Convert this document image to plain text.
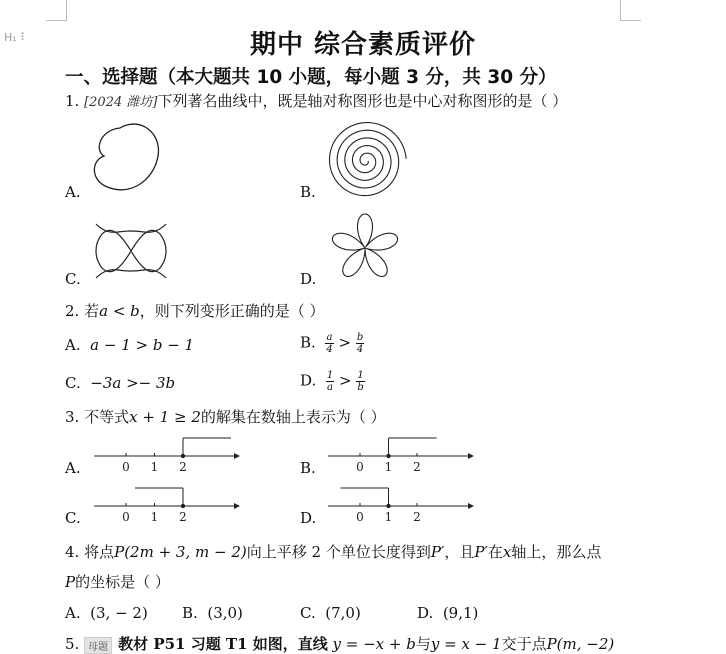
H₁ ⠇	期中 综合素质评价
一、选择题（本大题共 10 小题，每小题 3 分，共 30 分）
1. [2024 潍坊]下列著名曲线中，既是轴对称图形也是中心对称图形的是（ ）
A.	B.
C.	D.
2. 若a < b，则下列变形正确的是（ ）
A. a − 1 > b − 1	B. $\frac{a}{4} > \frac{b}{4}$
C. −3a >− 3b	D. $\frac{1}{a} > \frac{1}{b}$
3. 不等式x + 1 ≥ 2的解集在数轴上表示为（ ）
A.	0 1 2	B.	0 1 2
C.	0 1 2	D.	0 1 2
4. 将点P(2m + 3, m − 2)向上平移 2 个单位长度得到P′，且P′在x轴上，那么点
P的坐标是（ ）
A. (3, − 2) B. (3,0)	C. (7,0)	D. (9,1)
5. 母题 教材 P51 习题 T1 如图，直线 y = −x + b与y = x − 1交于点P(m, −2)
